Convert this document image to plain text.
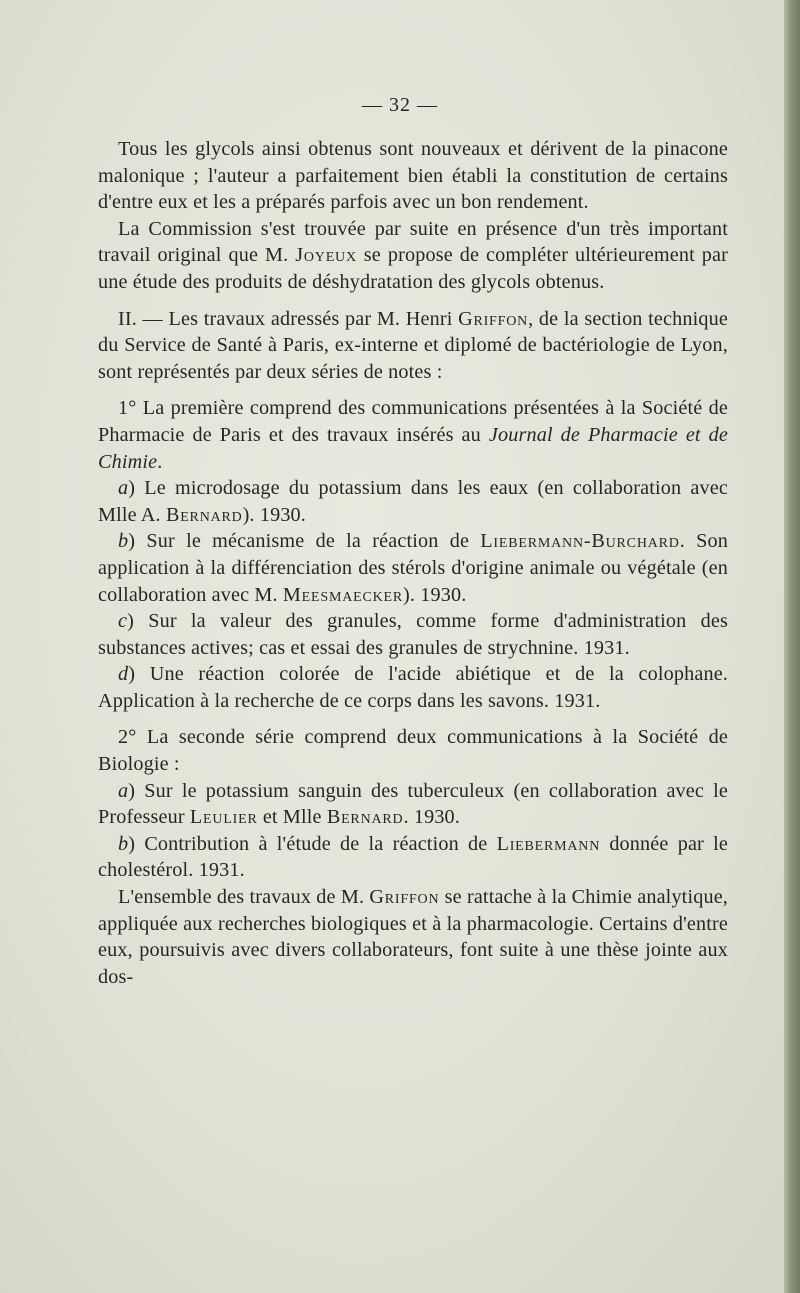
— 32 —

Tous les glycols ainsi obtenus sont nouveaux et dérivent de la pinacone malonique ; l'auteur a parfaitement bien établi la constitution de certains d'entre eux et les a préparés parfois avec un bon rendement.

La Commission s'est trouvée par suite en présence d'un très important travail original que M. Joyeux se propose de compléter ultérieurement par une étude des produits de déshydratation des glycols obtenus.

II. — Les travaux adressés par M. Henri Griffon, de la section technique du Service de Santé à Paris, ex-interne et diplomé de bactériologie de Lyon, sont représentés par deux séries de notes :

1° La première comprend des communications présentées à la Société de Pharmacie de Paris et des travaux insérés au Journal de Pharmacie et de Chimie.

a) Le microdosage du potassium dans les eaux (en collaboration avec Mlle A. Bernard). 1930.

b) Sur le mécanisme de la réaction de Liebermann-Burchard. Son application à la différenciation des stérols d'origine animale ou végétale (en collaboration avec M. Meesmaecker). 1930.

c) Sur la valeur des granules, comme forme d'administration des substances actives; cas et essai des granules de strychnine. 1931.

d) Une réaction colorée de l'acide abiétique et de la colophane. Application à la recherche de ce corps dans les savons. 1931.

2° La seconde série comprend deux communications à la Société de Biologie :

a) Sur le potassium sanguin des tuberculeux (en collaboration avec le Professeur Leulier et Mlle Bernard. 1930.

b) Contribution à l'étude de la réaction de Liebermann donnée par le cholestérol. 1931.

L'ensemble des travaux de M. Griffon se rattache à la Chimie analytique, appliquée aux recherches biologiques et à la pharmacologie. Certains d'entre eux, poursuivis avec divers collaborateurs, font suite à une thèse jointe aux dos-
